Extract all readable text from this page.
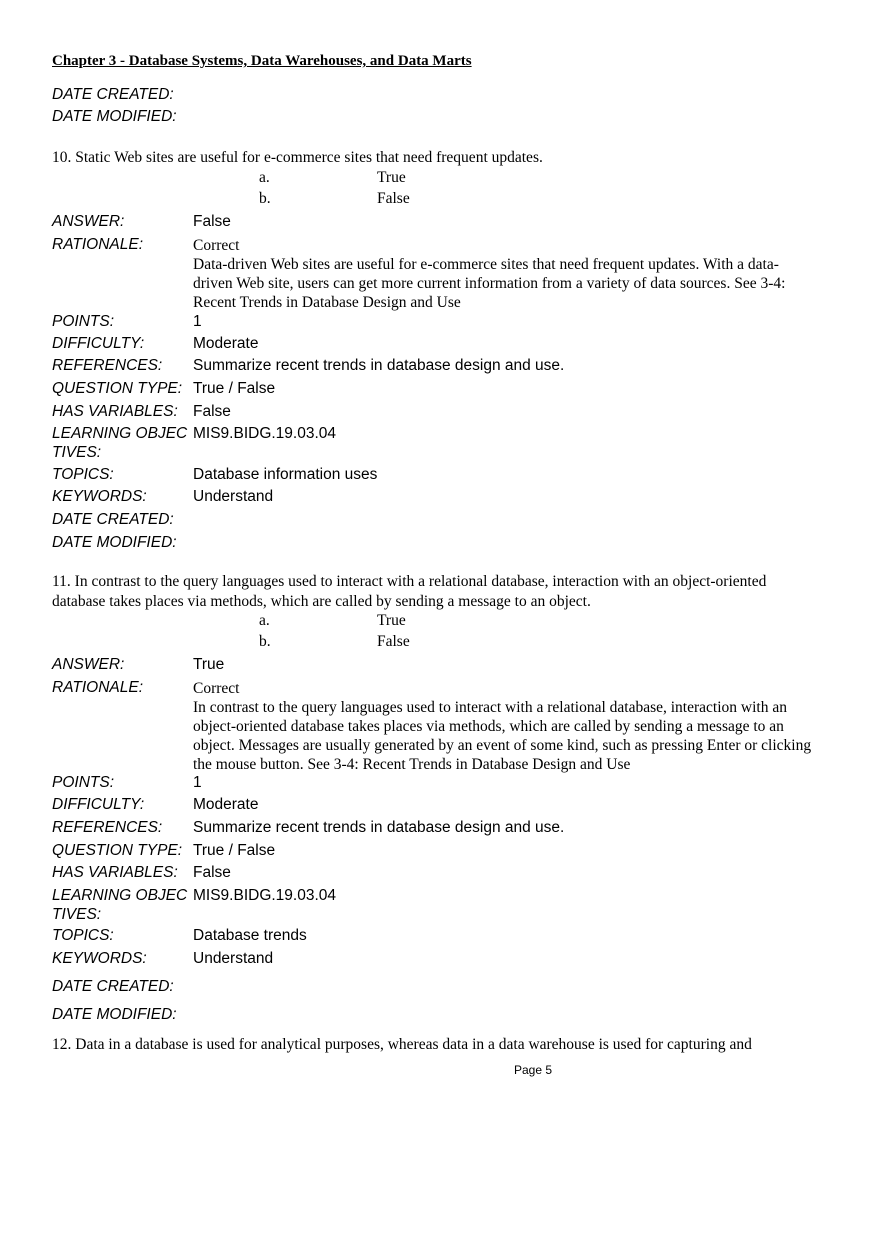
Chapter 3 - Database Systems, Data Warehouses, and Data Marts
DATE CREATED:
DATE MODIFIED:
10. Static Web sites are useful for e-commerce sites that need frequent updates.
a.	True
b.	False
ANSWER:	False
RATIONALE:	Correct
Data-driven Web sites are useful for e-commerce sites that need frequent updates. With a data-
driven Web site, users can get more current information from a variety of data sources. See 3-4:
Recent Trends in Database Design and Use
POINTS:	1
DIFFICULTY:	Moderate
REFERENCES: Summarize recent trends in database design and use.
QUESTION TYPE: True / False
HAS VARIABLES: False
LEARNING OBJEC
TIVES:
MIS9.BIDG.19.03.04
TOPICS:	Database information uses
KEYWORDS:	Understand
DATE CREATED:
DATE MODIFIED:
11. In contrast to the query languages used to interact with a relational database, interaction with an object-oriented
database takes places via methods, which are called by sending a message to an object.
a.	True
b.	False
ANSWER:	True
RATIONALE:	Correct
In contrast to the query languages used to interact with a relational database, interaction with an
object-oriented database takes places via methods, which are called by sending a message to an
object. Messages are usually generated by an event of some kind, such as pressing Enter or clicking
the mouse button. See 3-4: Recent Trends in Database Design and Use
POINTS:	1
DIFFICULTY:	Moderate
REFERENCES: Summarize recent trends in database design and use.
QUESTION TYPE: True / False
HAS VARIABLES: False
LEARNING OBJEC
TIVES:
MIS9.BIDG.19.03.04
TOPICS:	Database trends
KEYWORDS:	Understand
DATE CREATED:
DATE MODIFIED:
12. Data in a database is used for analytical purposes, whereas data in a data warehouse is used for capturing and
Page 5
